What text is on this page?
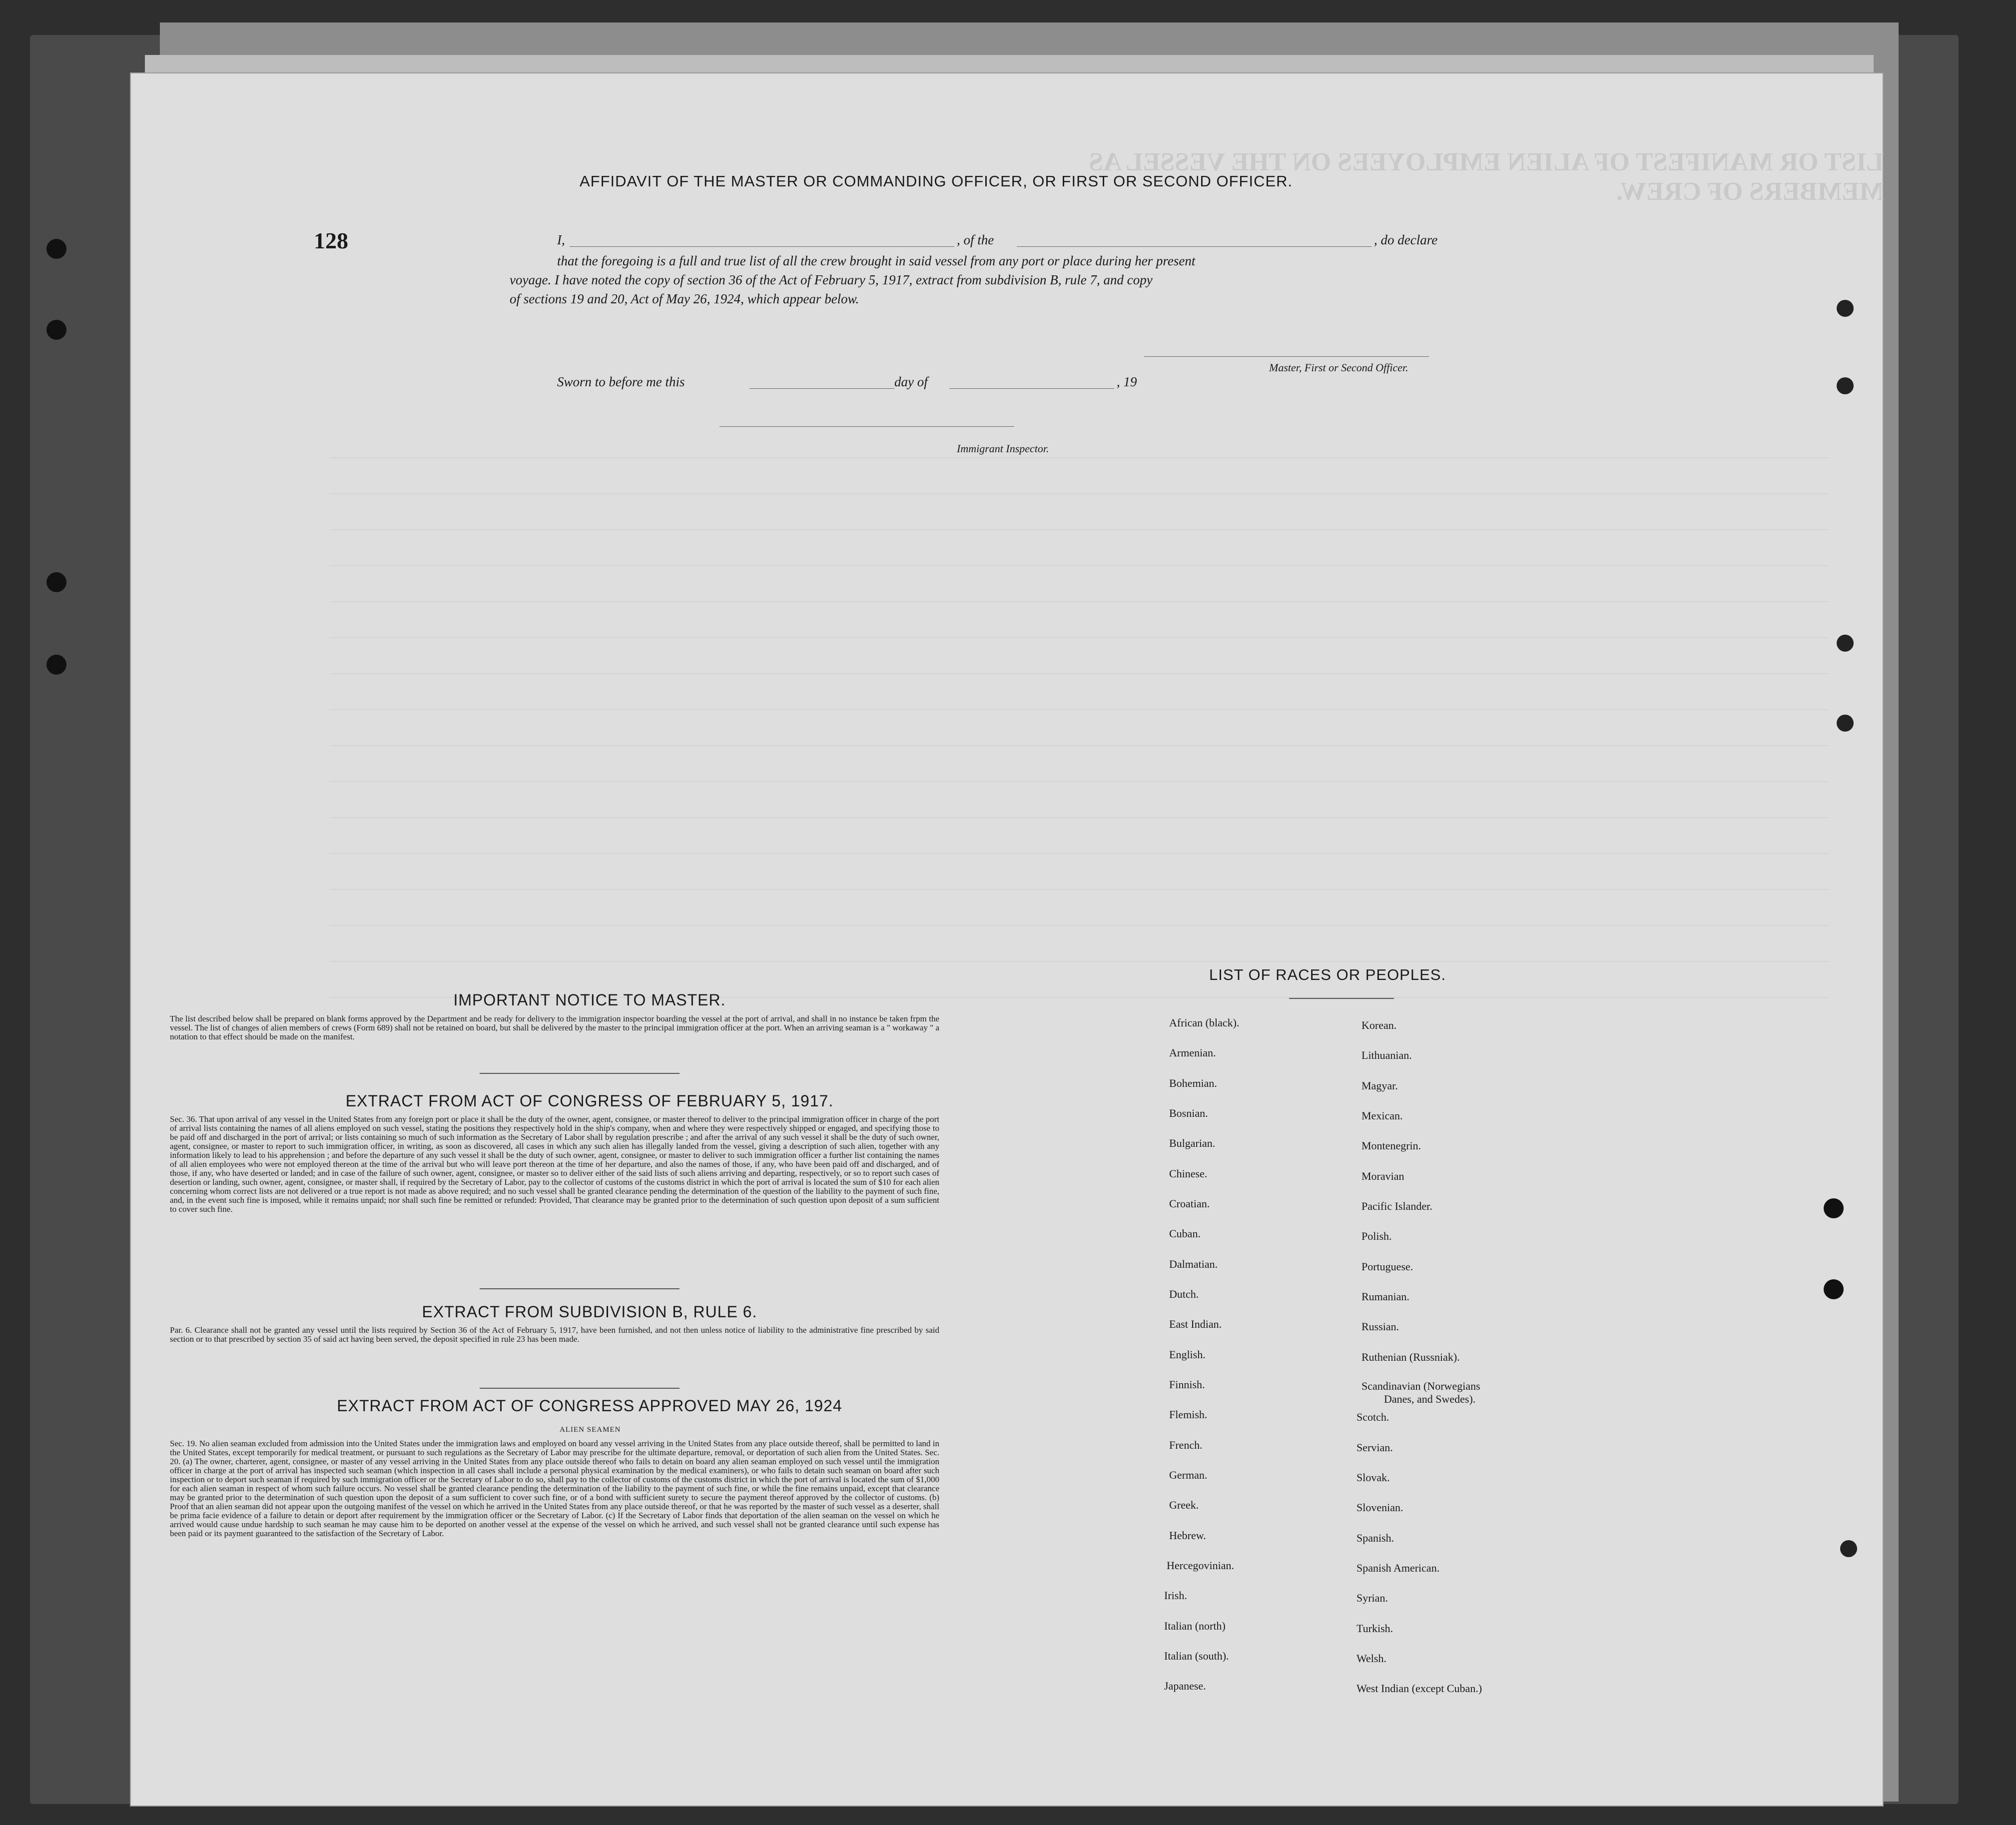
LIST OR MANIFEST OF ALIEN EMPLOYEES ON THE VESSEL AS MEMBERS OF CREW.
AFFIDAVIT OF THE MASTER OR COMMANDING OFFICER, OR FIRST OR SECOND OFFICER.
128	I,	, of the	, do declare
that the foregoing is a full and true list of all the crew brought in said vessel from any port or place during her present
voyage. I have noted the copy of section 36 of the Act of February 5, 1917, extract from subdivision B, rule 7, and copy
of sections 19 and 20, Act of May 26, 1924, which appear below.
Master, First or Second Officer.
Sworn to before me this	day of	, 19
Immigrant Inspector.
IMPORTANT NOTICE TO MASTER.
The list described below shall be prepared on blank forms approved by the Department and be ready for delivery to the immigration inspector boarding the vessel at the port of arrival, and shall in no instance be taken frpm the vessel. The list of changes of alien members of crews (Form 689) shall not be retained on board, but shall be delivered by the master to the principal immigration officer at the port. When an arriving seaman is a " workaway " a notation to that effect should be made on the manifest.
EXTRACT FROM ACT OF CONGRESS OF FEBRUARY 5, 1917.
Sec. 36. That upon arrival of any vessel in the United States from any foreign port or place it shall be the duty of the owner, agent, consignee, or master thereof to deliver to the principal immigration officer in charge of the port of arrival lists containing the names of all aliens employed on such vessel, stating the positions they respectively hold in the ship's company, when and where they were respectively shipped or engaged, and specifying those to be paid off and discharged in the port of arrival; or lists containing so much of such information as the Secretary of Labor shall by regulation prescribe ; and after the arrival of any such vessel it shall be the duty of such owner, agent, consignee, or master to report to such immigration officer, in writing, as soon as discovered, all cases in which any such alien has illegally landed from the vessel, giving a description of such alien, together with any information likely to lead to his apprehension ; and before the departure of any such vessel it shall be the duty of such owner, agent, consignee, or master to deliver to such immigration officer a further list containing the names of all alien employees who were not employed thereon at the time of the arrival but who will leave port thereon at the time of her departure, and also the names of those, if any, who have been paid off and discharged, and of those, if any, who have deserted or landed; and in case of the failure of such owner, agent, consignee, or master so to deliver either of the said lists of such aliens arriving and departing, respectively, or so to report such cases of desertion or landing, such owner, agent, consignee, or master shall, if required by the Secretary of Labor, pay to the collector of customs of the customs district in which the port of arrival is located the sum of $10 for each alien concerning whom correct lists are not delivered or a true report is not made as above required; and no such vessel shall be granted clearance pending the determination of the question of the liability to the payment of such fine, and, in the event such fine is imposed, while it remains unpaid; nor shall such fine be remitted or refunded: Provided, That clearance may be granted prior to the determination of such question upon deposit of a sum sufficient to cover such fine.
EXTRACT FROM SUBDIVISION B, RULE 6.
Par. 6. Clearance shall not be granted any vessel until the lists required by Section 36 of the Act of February 5, 1917, have been furnished, and not then unless notice of liability to the administrative fine prescribed by said section or to that prescribed by section 35 of said act having been served, the deposit specified in rule 23 has been made.
EXTRACT FROM ACT OF CONGRESS APPROVED MAY 26, 1924
ALIEN SEAMEN
Sec. 19. No alien seaman excluded from admission into the United States under the immigration laws and employed on board any vessel arriving in the United States from any place outside thereof, shall be permitted to land in the United States, except temporarily for medical treatment, or pursuant to such regulations as the Secretary of Labor may prescribe for the ultimate departure, removal, or deportation of such alien from the United States. Sec. 20. (a) The owner, charterer, agent, consignee, or master of any vessel arriving in the United States from any place outside thereof who fails to detain on board any alien seaman employed on such vessel until the immigration officer in charge at the port of arrival has inspected such seaman (which inspection in all cases shall include a personal physical examination by the medical examiners), or who fails to detain such seaman on board after such inspection or to deport such seaman if required by such immigration officer or the Secretary of Labor to do so, shall pay to the collector of customs of the customs district in which the port of arrival is located the sum of $1,000 for each alien seaman in respect of whom such failure occurs. No vessel shall be granted clearance pending the determination of the liability to the payment of such fine, or while the fine remains unpaid, except that clearance may be granted prior to the determination of such question upon the deposit of a sum sufficient to cover such fine, or of a bond with sufficient surety to secure the payment thereof approved by the collector of customs. (b) Proof that an alien seaman did not appear upon the outgoing manifest of the vessel on which he arrived in the United States from any place outside thereof, or that he was reported by the master of such vessel as a deserter, shall be prima facie evidence of a failure to detain or deport after requirement by the immigration officer or the Secretary of Labor. (c) If the Secretary of Labor finds that deportation of the alien seaman on the vessel on which he arrived would cause undue hardship to such seaman he may cause him to be deported on another vessel at the expense of the vessel on which he arrived, and such vessel shall not be granted clearance until such expense has been paid or its payment guaranteed to the satisfaction of the Secretary of Labor.
LIST OF RACES OR PEOPLES.
African (black).
Armenian.
Bohemian.
Bosnian.
Bulgarian.
Chinese.
Croatian.
Cuban.
Dalmatian.
Dutch.
East Indian.
English.
Finnish.
Flemish.
French.
German.
Greek.
Hebrew.
Hercegovinian.
Irish.
Italian (north)
Italian (south).
Japanese.
Korean.
Lithuanian.
Magyar.
Mexican.
Montenegrin.
Moravian
Pacific Islander.
Polish.
Portuguese.
Rumanian.
Russian.
Ruthenian (Russniak).
Scandinavian (Norwegians
Danes, and Swedes).
Scotch.
Servian.
Slovak.
Slovenian.
Spanish.
Spanish American.
Syrian.
Turkish.
Welsh.
West Indian (except Cuban.)
